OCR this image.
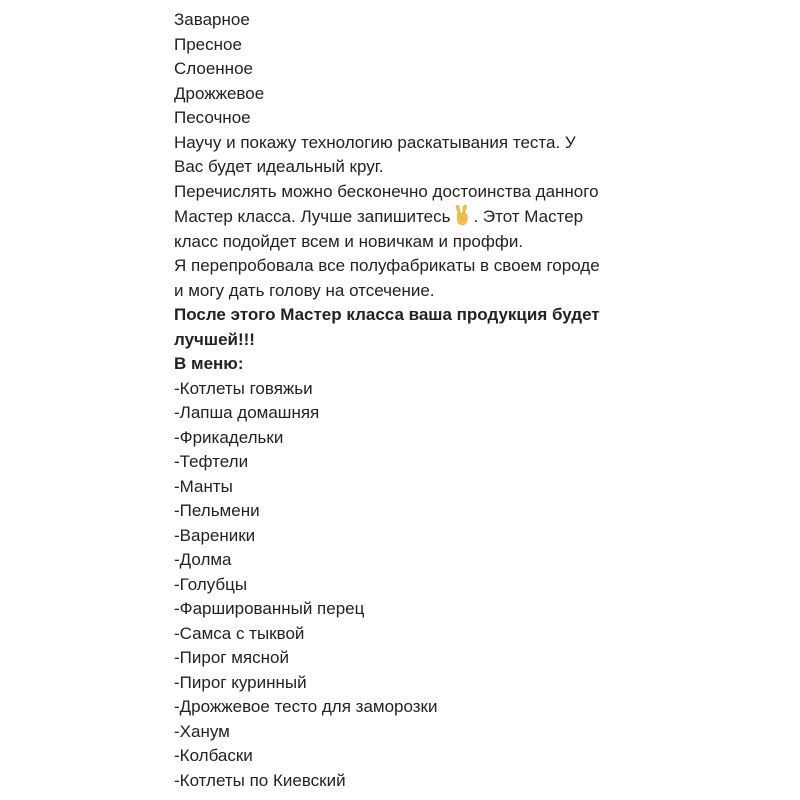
Заварное
Пресное
Слоенное
Дрожжевое
Песочное
Научу и покажу технологию раскатывания теста. У
Вас будет идеальный круг.
Перечислять можно бесконечно достоинства данного
Мастер класса. Лучше запишитесь . Этот Мастер
класс подойдет всем и новичкам и проффи.
Я перепробовала все полуфабрикаты в своем городе
и могу дать голову на отсечение.
После этого Мастер класса ваша продукция будет
лучшей!!!
В меню:
-Котлеты говяжьи
-Лапша домашняя
-Фрикадельки
-Тефтели
-Манты
-Пельмени
-Вареники
-Долма
-Голубцы
-Фаршированный перец
-Самса с тыквой
-Пирог мясной
-Пирог куринный
-Дрожжевое тесто для заморозки
-Ханум
-Колбаски
-Котлеты по Киевский
